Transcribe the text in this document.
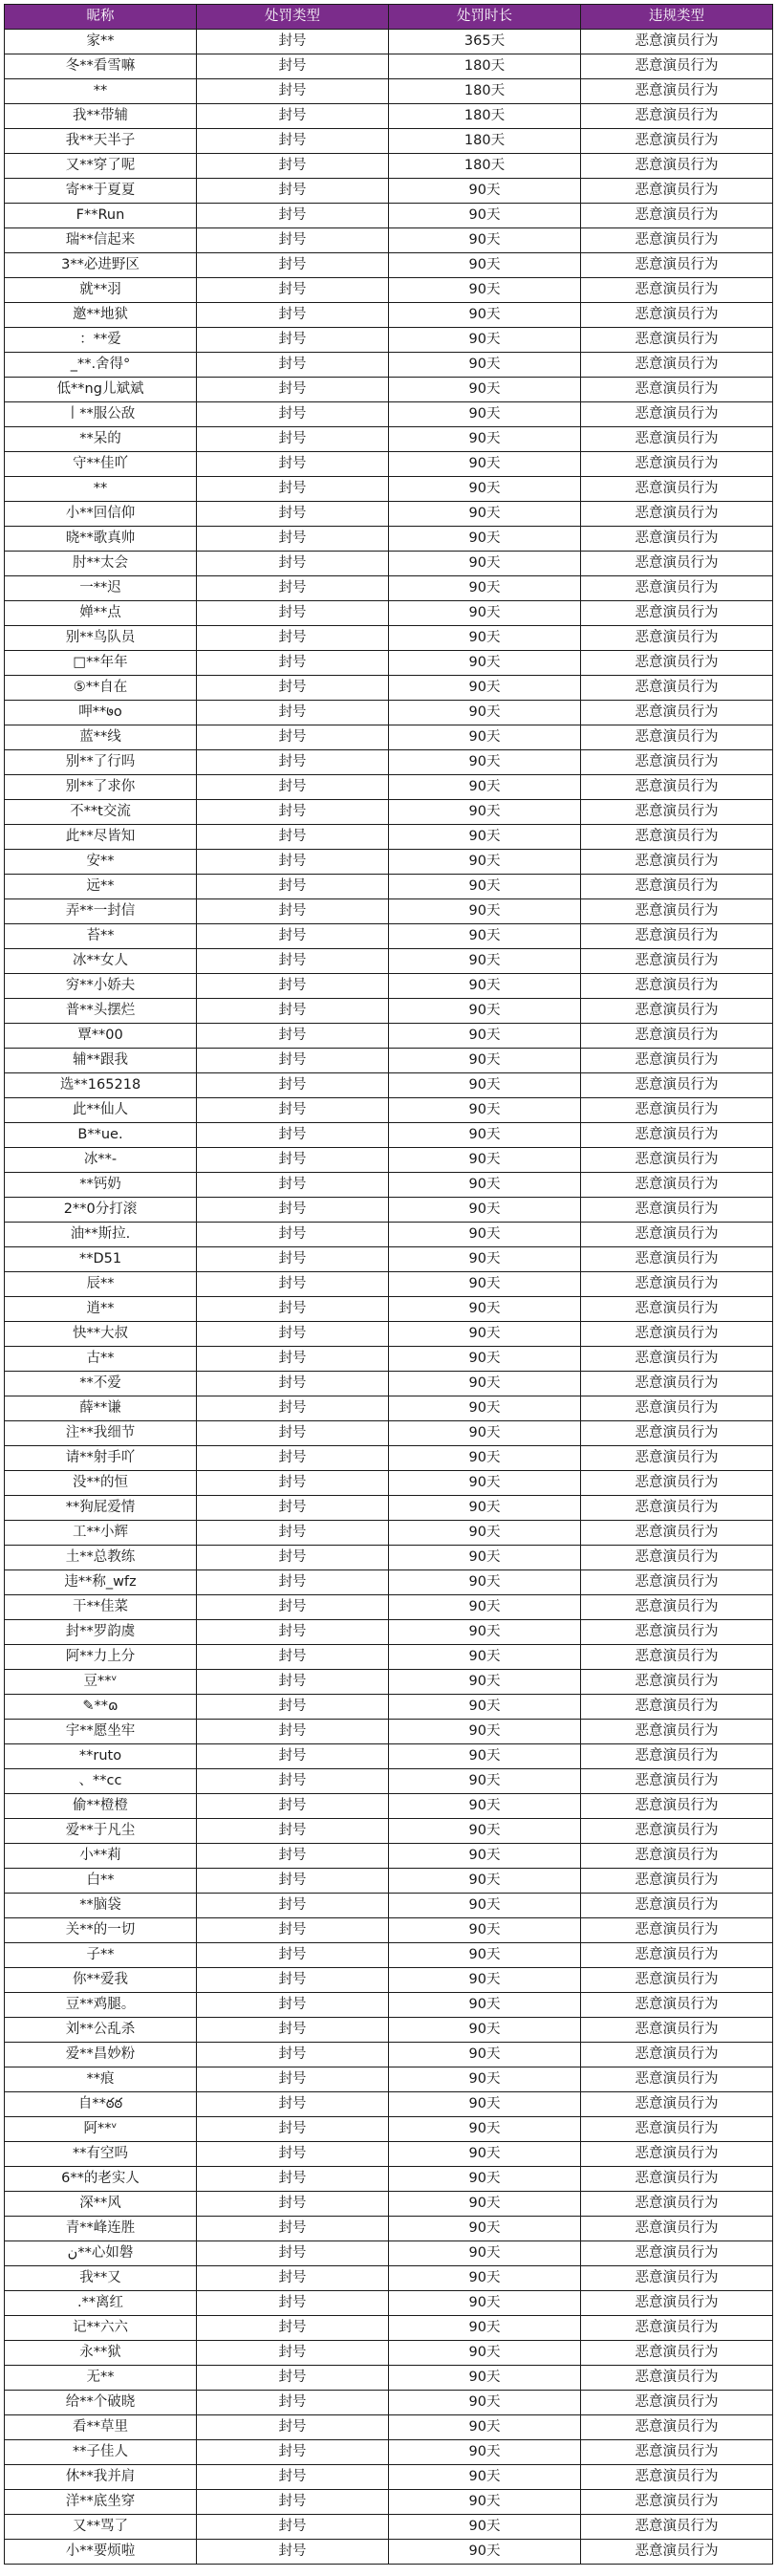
昵称	处罚类型	处罚时长	违规类型
家**	封号	365天	恶意演员行为
冬**看雪嘛	封号	180天	恶意演员行为
**	封号	180天	恶意演员行为
我**带辅	封号	180天	恶意演员行为
我**天半子	封号	180天	恶意演员行为
又**穿了呢	封号	180天	恶意演员行为
寄**于夏夏	封号	90天	恶意演员行为
F**Run	封号	90天	恶意演员行为
瑞**信起来	封号	90天	恶意演员行为
3**必进野区	封号	90天	恶意演员行为
就**羽	封号	90天	恶意演员行为
邀**地狱	封号	90天	恶意演员行为
：**爱	封号	90天	恶意演员行为
_**.舍得°	封号	90天	恶意演员行为
低**ng儿斌斌	封号	90天	恶意演员行为
丨**服公敌	封号	90天	恶意演员行为
**呆的	封号	90天	恶意演员行为
守**佳吖	封号	90天	恶意演员行为
**	封号	90天	恶意演员行为
小**回信仰	封号	90天	恶意演员行为
晓**歌真帅	封号	90天	恶意演员行为
肘**太会	封号	90天	恶意演员行为
一**迟	封号	90天	恶意演员行为
婵**点	封号	90天	恶意演员行为
别**鸟队员	封号	90天	恶意演员行为
□**年年	封号	90天	恶意演员行为
⑤**自在	封号	90天	恶意演员行为
呷**७o	封号	90天	恶意演员行为
蓝**线	封号	90天	恶意演员行为
别**了行吗	封号	90天	恶意演员行为
别**了求你	封号	90天	恶意演员行为
不**t交流	封号	90天	恶意演员行为
此**尽皆知	封号	90天	恶意演员行为
安**	封号	90天	恶意演员行为
远**	封号	90天	恶意演员行为
弄**一封信	封号	90天	恶意演员行为
苔**	封号	90天	恶意演员行为
冰**女人	封号	90天	恶意演员行为
穷**小娇夫	封号	90天	恶意演员行为
普**头摆烂	封号	90天	恶意演员行为
覃**00	封号	90天	恶意演员行为
辅**跟我	封号	90天	恶意演员行为
选**165218	封号	90天	恶意演员行为
此**仙人	封号	90天	恶意演员行为
B**ue.	封号	90天	恶意演员行为
冰**-	封号	90天	恶意演员行为
**钙奶	封号	90天	恶意演员行为
2**0分打滚	封号	90天	恶意演员行为
油**斯拉.	封号	90天	恶意演员行为
**D51	封号	90天	恶意演员行为
辰**	封号	90天	恶意演员行为
逍**	封号	90天	恶意演员行为
快**大叔	封号	90天	恶意演员行为
古**	封号	90天	恶意演员行为
**不爱	封号	90天	恶意演员行为
薛**谦	封号	90天	恶意演员行为
注**我细节	封号	90天	恶意演员行为
请**射手吖	封号	90天	恶意演员行为
没**的恒	封号	90天	恶意演员行为
**狗屁爱情	封号	90天	恶意演员行为
工**小辉	封号	90天	恶意演员行为
土**总教练	封号	90天	恶意演员行为
违**称_wfz	封号	90天	恶意演员行为
干**佳菜	封号	90天	恶意演员行为
封**罗韵虞	封号	90天	恶意演员行为
阿**力上分	封号	90天	恶意演员行为
豆**ᵛ	封号	90天	恶意演员行为
✎**ɷ	封号	90天	恶意演员行为
宇**愿坐牢	封号	90天	恶意演员行为
**ruto	封号	90天	恶意演员行为
、**cc	封号	90天	恶意演员行为
偷**橙橙	封号	90天	恶意演员行为
爱**于凡尘	封号	90天	恶意演员行为
小**莉	封号	90天	恶意演员行为
白**	封号	90天	恶意演员行为
**脑袋	封号	90天	恶意演员行为
关**的一切	封号	90天	恶意演员行为
子**	封号	90天	恶意演员行为
你**爱我	封号	90天	恶意演员行为
豆**鸡腿。	封号	90天	恶意演员行为
刘**公乱杀	封号	90天	恶意演员行为
爱**昌妙粉	封号	90天	恶意演员行为
**痕	封号	90天	恶意演员行为
自**ఠఠ	封号	90天	恶意演员行为
阿**ᵛ	封号	90天	恶意演员行为
**有空吗	封号	90天	恶意演员行为
6**的老实人	封号	90天	恶意演员行为
深**风	封号	90天	恶意演员行为
青**峰连胜	封号	90天	恶意演员行为
ن**心如磐	封号	90天	恶意演员行为
我**又	封号	90天	恶意演员行为
.**离红	封号	90天	恶意演员行为
记**六六	封号	90天	恶意演员行为
永**狱	封号	90天	恶意演员行为
无**	封号	90天	恶意演员行为
给**个破晓	封号	90天	恶意演员行为
看**草里	封号	90天	恶意演员行为
**子佳人	封号	90天	恶意演员行为
休**我并肩	封号	90天	恶意演员行为
洋**底坐穿	封号	90天	恶意演员行为
又**骂了	封号	90天	恶意演员行为
小**要烦啦	封号	90天	恶意演员行为
